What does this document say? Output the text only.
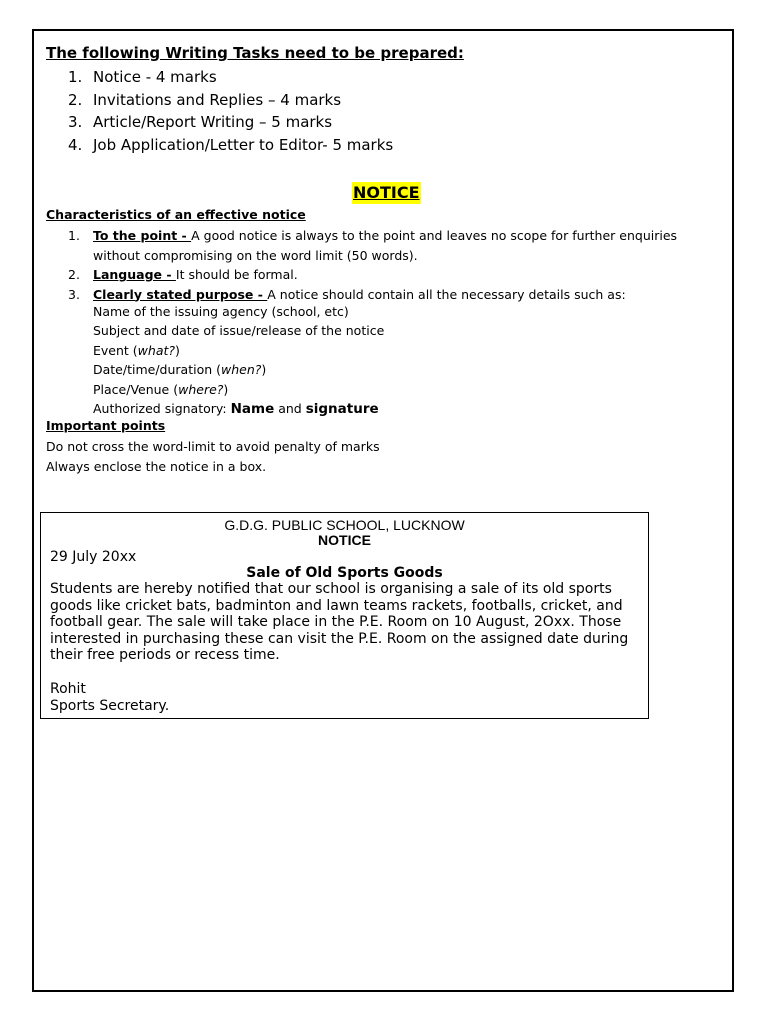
The following Writing Tasks need to be prepared:
1. Notice - 4 marks
2. Invitations and Replies – 4 marks
3. Article/Report Writing – 5 marks
4. Job Application/Letter to Editor- 5 marks
NOTICE
Characteristics of an effective notice
1. To the point - A good notice is always to the point and leaves no scope for further enquiries without compromising on the word limit (50 words).
2. Language - It should be formal.
3. Clearly stated purpose - A notice should contain all the necessary details such as:
Name of the issuing agency (school, etc)
Subject and date of issue/release of the notice
Event (what?)
Date/time/duration (when?)
Place/Venue (where?)
Authorized signatory: Name and signature
Important points
Do not cross the word-limit to avoid penalty of marks
Always enclose the notice in a box.
G.D.G. PUBLIC SCHOOL, LUCKNOW
NOTICE
29 July 20xx
Sale of Old Sports Goods
Students are hereby notified that our school is organising a sale of its old sports goods like cricket bats, badminton and lawn teams rackets, footballs, cricket, and football gear. The sale will take place in the P.E. Room on 10 August, 2Oxx. Those interested in purchasing these can visit the P.E. Room on the assigned date during their free periods or recess time.
Rohit
Sports Secretary.
